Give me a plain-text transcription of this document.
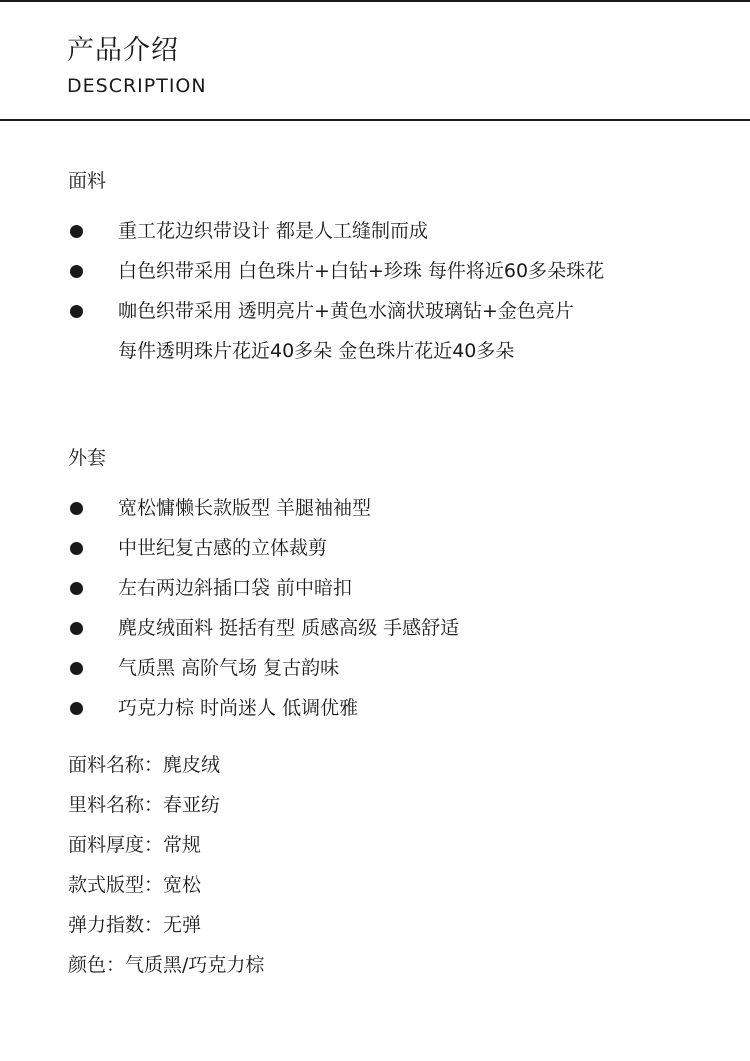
产品介绍
DESCRIPTION
面料
重工花边织带设计 都是人工缝制而成
白色织带采用 白色珠片+白钻+珍珠 每件将近60多朵珠花
咖色织带采用 透明亮片+黄色水滴状玻璃钻+金色亮片
每件透明珠片花近40多朵 金色珠片花近40多朵
外套
宽松慵懒长款版型 羊腿袖袖型
中世纪复古感的立体裁剪
左右两边斜插口袋 前中暗扣
麂皮绒面料 挺括有型 质感高级 手感舒适
气质黑 高阶气场 复古韵味
巧克力棕 时尚迷人 低调优雅
面料名称：麂皮绒
里料名称：春亚纺
面料厚度：常规
款式版型：宽松
弹力指数：无弹
颜色：气质黑/巧克力棕
